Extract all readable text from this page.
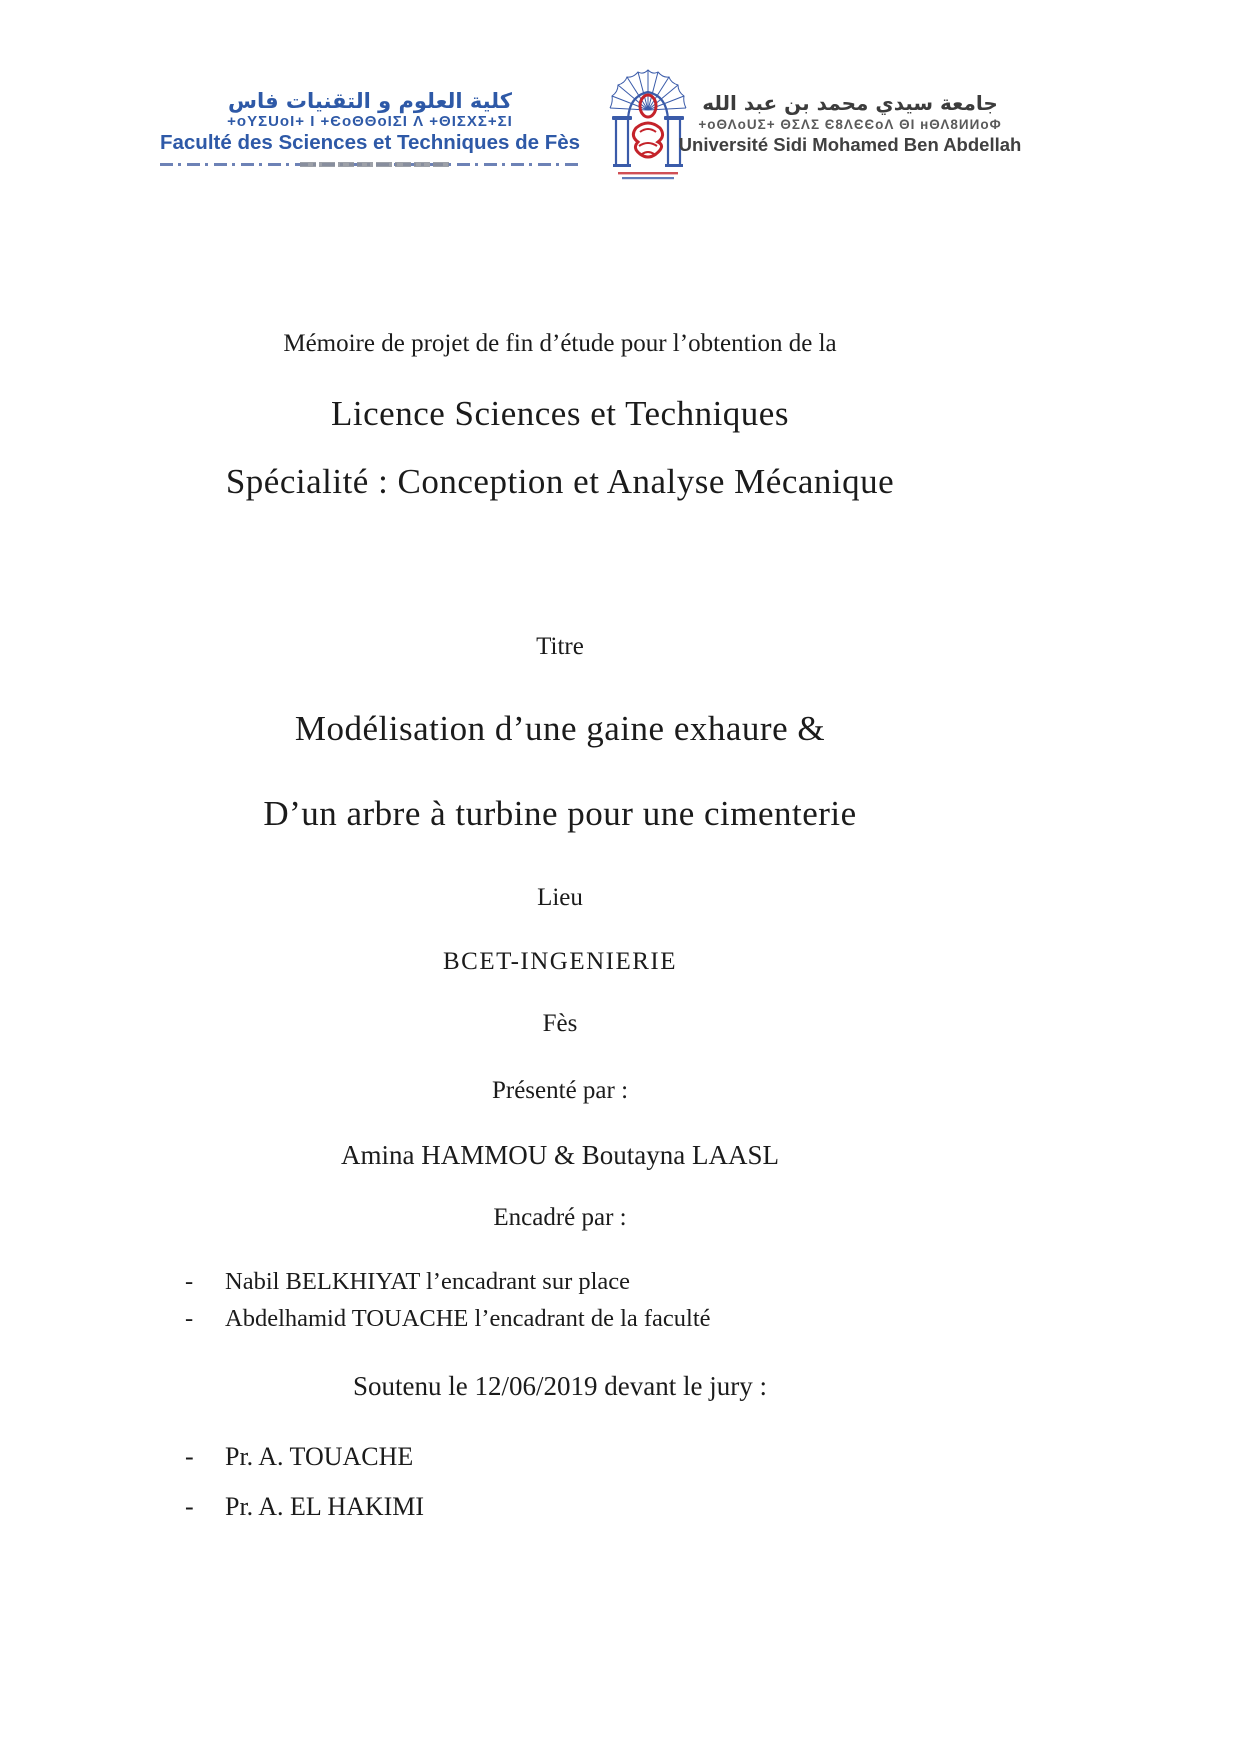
كلية العلوم و التقنيات فاس
+oYΣUoI+ I +ЄoΘΘoIΣI Λ +ΘIΣXΣ+ΣI
Faculté des Sciences et Techniques de Fès
جامعة سيدي محمد بن عبد الله
+oΘΛoUΣ+ ΘΣΛΣ Є8ΛЄЄoΛ ΘI ʜΘΛ8ИИoΦ
Université Sidi Mohamed Ben Abdellah
Mémoire de projet de fin d’étude pour l’obtention de la
Licence Sciences et Techniques
Spécialité : Conception et Analyse Mécanique
Titre
Modélisation d’une gaine exhaure &
D’un arbre à turbine pour une cimenterie
Lieu
BCET-INGENIERIE
Fès
Présenté par :
Amina HAMMOU & Boutayna LAASL
Encadré par :
- Nabil BELKHIYAT l’encadrant sur place
- Abdelhamid TOUACHE l’encadrant de la faculté
Soutenu le 12/06/2019 devant le jury :
- Pr. A. TOUACHE
- Pr. A. EL HAKIMI
